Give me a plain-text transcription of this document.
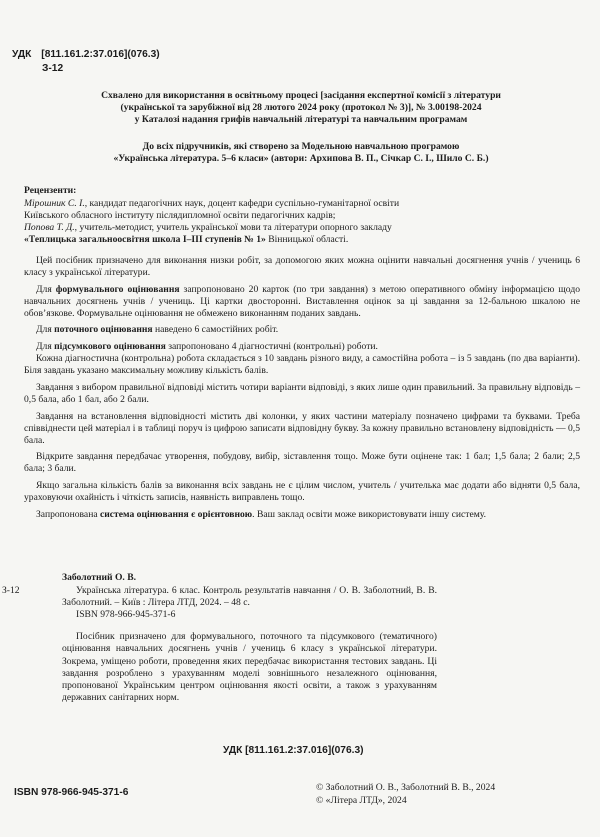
УДК [811.161.2:37.016](076.3)
З-12

Схвалено для використання в освітньому процесі [засідання експертної комісії з літератури

(української та зарубіжної від 28 лютого 2024 року (протокол № 3)], № 3.00198-2024

у Каталозі надання грифів навчальній літературі та навчальним програмам

До всіх підручників, які створено за Модельною навчальною програмою

«Українська література. 5–6 класи» (автори: Архипова В. П., Січкар С. І., Шило С. Б.)

Рецензенти:

Мірошник С. І., кандидат педагогічних наук, доцент кафедри суспільно-гуманітарної освіти

Київського обласного інституту післядипломної освіти педагогічних кадрів;

Попова Т. Д., учитель-методист, учитель української мови та літератури опорного закладу

«Теплицька загальноосвітня школа І–ІІІ ступенів № 1» Вінницької області.

Цей посібник призначено для виконання низки робіт, за допомогою яких можна оцінити навчальні досягнення учнів / учениць 6 класу з української літератури.

Для формувального оцінювання запропоновано 20 карток (по три завдання) з метою оперативного обміну інформацією щодо навчальних досягнень учнів / учениць. Ці картки двосторонні. Виставлення оцінок за ці завдання за 12-бальною шкалою не обов’язкове. Формувальне оцінювання не обмежено виконанням поданих завдань.

Для поточного оцінювання наведено 6 самостійних робіт.

Для підсумкового оцінювання запропоновано 4 діагностичні (контрольні) роботи.

Кожна діагностична (контрольна) робота складається з 10 завдань різного виду, а самостійна робота – із 5 завдань (по два варіанти). Біля завдань указано максимальну можливу кількість балів.

Завдання з вибором правильної відповіді містить чотири варіанти відповіді, з яких лише один правильний. За правильну відповідь – 0,5 бала, або 1 бал, або 2 бали.

Завдання на встановлення відповідності містить дві колонки, у яких частини матеріалу позначено цифрами та буквами. Треба співвіднести цей матеріал і в таблиці поруч із цифрою записати відповідну букву. За кожну правильно встановлену відповідність — 0,5 бала.

Відкрите завдання передбачає утворення, побудову, вибір, зіставлення тощо. Може бути оцінене так: 1 бал; 1,5 бала; 2 бали; 2,5 бала; 3 бали.

Якщо загальна кількість балів за виконання всіх завдань не є цілим числом, учитель / учителька має додати або відняти 0,5 бала, ураховуючи охайність і чіткість записів, наявність виправлень тощо.

Запропонована система оцінювання є орієнтовною. Ваш заклад освіти може використовувати іншу систему.

Заболотний О. В.

З-12	Українська література. 6 клас. Контроль результатів навчання / О. В. Заболотний, В. В. Заболотний. – Київ : Літера ЛТД, 2024. – 48 с.

ISBN 978-966-945-371-6

Посібник призначено для формувального, поточного та підсумкового (тематичного) оцінювання навчальних досягнень учнів / учениць 6 класу з української літератури. Зокрема, уміщено роботи, проведення яких передбачає використання тестових завдань. Ці завдання розроблено з урахуванням моделі зовнішнього незалежного оцінювання, пропонованої Українським центром оцінювання якості освіти, а також з урахуванням державних санітарних норм.

УДК [811.161.2:37.016](076.3)
ISBN 978-966-945-371-6	© Заболотний О. В., Заболотний В. В., 2024

© «Літера ЛТД», 2024
